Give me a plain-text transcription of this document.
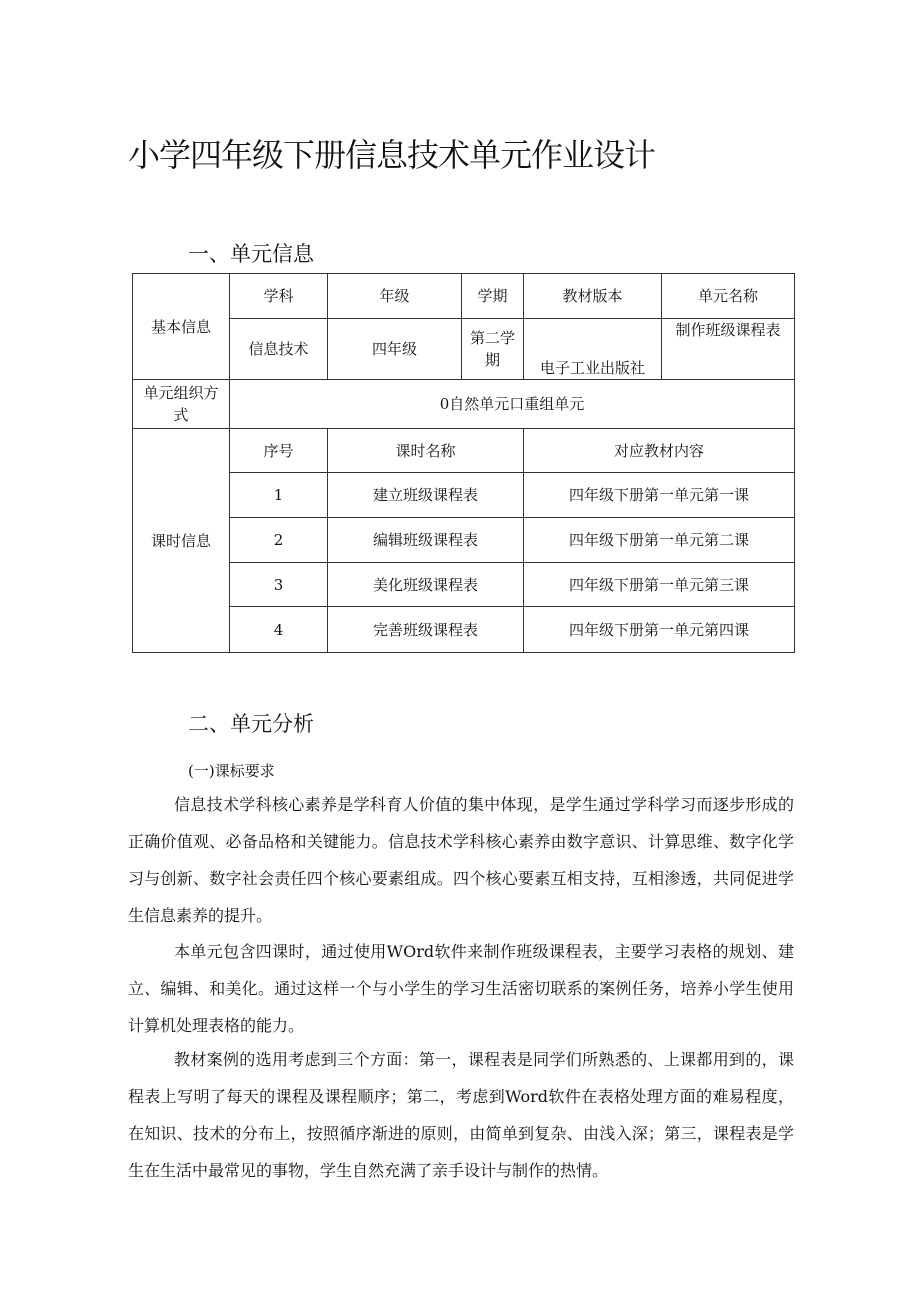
小学四年级下册信息技术单元作业设计
一、单元信息
基本信息	学科	年级	学期	教材版本	单元名称
	信息技术	四年级	第二学期	电子工业出版社	制作班级课程表
单元组织方式	0自然单元口重组单元				
课时信息	序号	课时名称		对应教材内容	
	1	建立班级课程表		四年级下册第一单元第一课	
	2	编辑班级课程表		四年级下册第一单元第二课	
	3	美化班级课程表		四年级下册第一单元第三课	
	4	完善班级课程表		四年级下册第一单元第四课	
二、单元分析
(一)课标要求

信息技术学科核心素养是学科育人价值的集中体现，是学生通过学科学习而逐步形成的正确价值观、必备品格和关键能力。信息技术学科核心素养由数字意识、计算思维、数字化学习与创新、数字社会责任四个核心要素组成。四个核心要素互相支持，互相渗透，共同促进学生信息素养的提升。

本单元包含四课时，通过使用WOrd软件来制作班级课程表，主要学习表格的规划、建立、编辑、和美化。通过这样一个与小学生的学习生活密切联系的案例任务，培养小学生使用计算机处理表格的能力。

教材案例的选用考虑到三个方面：第一，课程表是同学们所熟悉的、上课都用到的，课程表上写明了每天的课程及课程顺序；第二，考虑到Word软件在表格处理方面的难易程度，在知识、技术的分布上，按照循序渐进的原则，由简单到复杂、由浅入深；第三，课程表是学生在生活中最常见的事物，学生自然充满了亲手设计与制作的热情。
